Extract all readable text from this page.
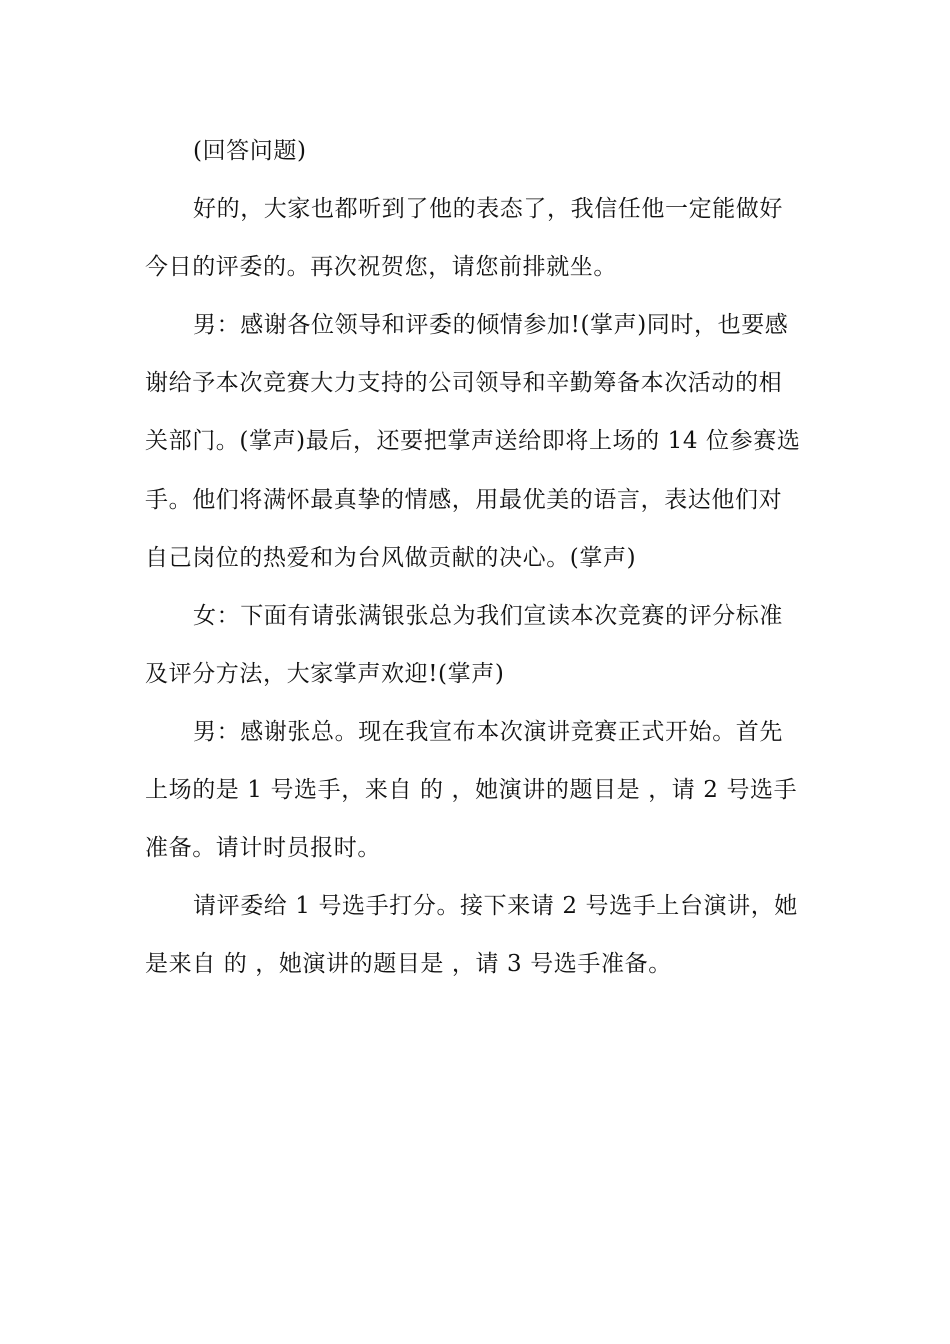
(回答问题)
好的，大家也都听到了他的表态了，我信任他一定能做好
今日的评委的。再次祝贺您，请您前排就坐。
男：感谢各位领导和评委的倾情参加!(掌声)同时，也要感
谢给予本次竞赛大力支持的公司领导和辛勤筹备本次活动的相
关部门。(掌声)最后，还要把掌声送给即将上场的 14 位参赛选
手。他们将满怀最真挚的情感，用最优美的语言，表达他们对
自己岗位的热爱和为台风做贡献的决心。(掌声)
女：下面有请张满银张总为我们宣读本次竞赛的评分标准
及评分方法，大家掌声欢迎!(掌声)
男：感谢张总。现在我宣布本次演讲竞赛正式开始。首先
上场的是 1 号选手，来自 的 ，她演讲的题目是 ，请 2 号选手
准备。请计时员报时。
请评委给 1 号选手打分。接下来请 2 号选手上台演讲，她
是来自 的 ，她演讲的题目是 ，请 3 号选手准备。
